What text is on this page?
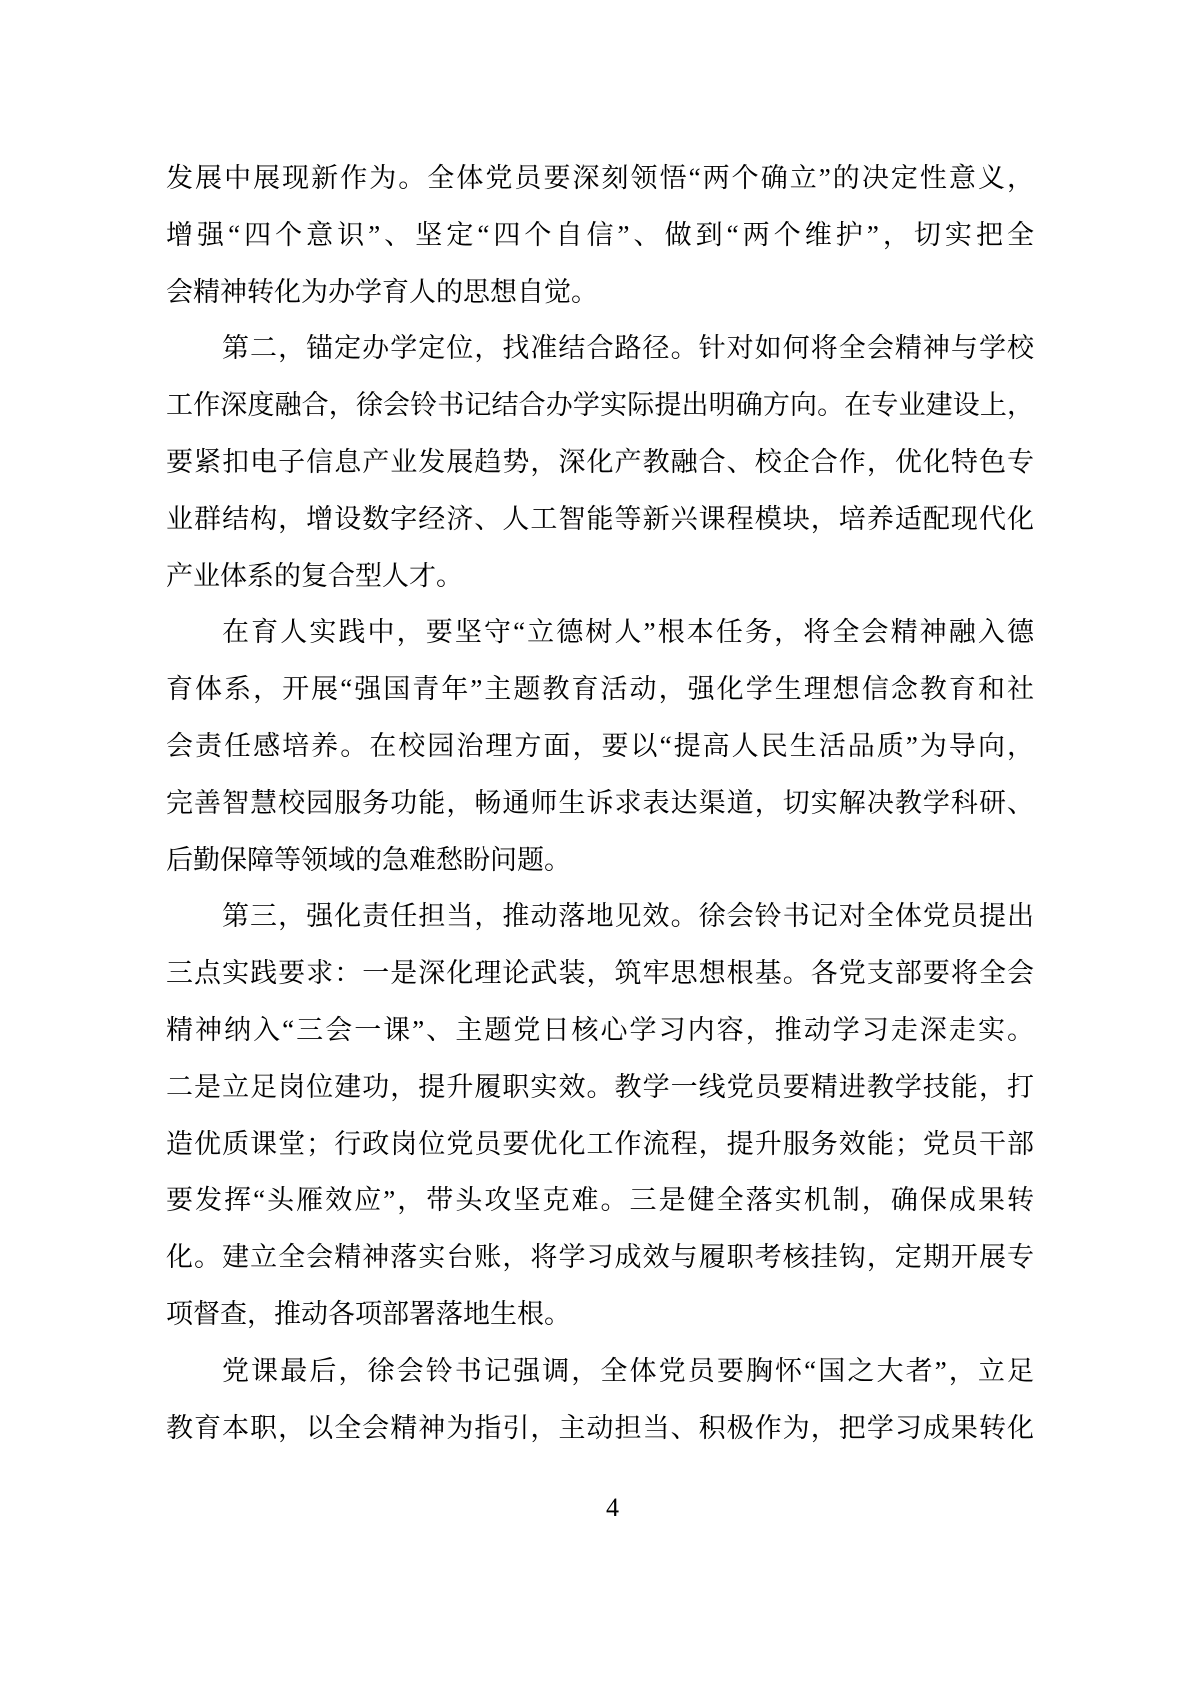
发展中展现新作为。全体党员要深刻领悟“两个确立”的决定性意义，
增强“四个意识”、坚定“四个自信”、做到“两个维护”，切实把全
会精神转化为办学育人的思想自觉。
第二，锚定办学定位，找准结合路径。针对如何将全会精神与学校
工作深度融合，徐会铃书记结合办学实际提出明确方向。在专业建设上，
要紧扣电子信息产业发展趋势，深化产教融合、校企合作，优化特色专
业群结构，增设数字经济、人工智能等新兴课程模块，培养适配现代化
产业体系的复合型人才。
在育人实践中，要坚守“立德树人”根本任务，将全会精神融入德
育体系，开展“强国青年”主题教育活动，强化学生理想信念教育和社
会责任感培养。在校园治理方面，要以“提高人民生活品质”为导向，
完善智慧校园服务功能，畅通师生诉求表达渠道，切实解决教学科研、
后勤保障等领域的急难愁盼问题。
第三，强化责任担当，推动落地见效。徐会铃书记对全体党员提出
三点实践要求：一是深化理论武装，筑牢思想根基。各党支部要将全会
精神纳入“三会一课”、主题党日核心学习内容，推动学习走深走实。
二是立足岗位建功，提升履职实效。教学一线党员要精进教学技能，打
造优质课堂；行政岗位党员要优化工作流程，提升服务效能；党员干部
要发挥“头雁效应”，带头攻坚克难。三是健全落实机制，确保成果转
化。建立全会精神落实台账，将学习成效与履职考核挂钩，定期开展专
项督查，推动各项部署落地生根。
党课最后，徐会铃书记强调，全体党员要胸怀“国之大者”，立足
教育本职，以全会精神为指引，主动担当、积极作为，把学习成果转化
4
